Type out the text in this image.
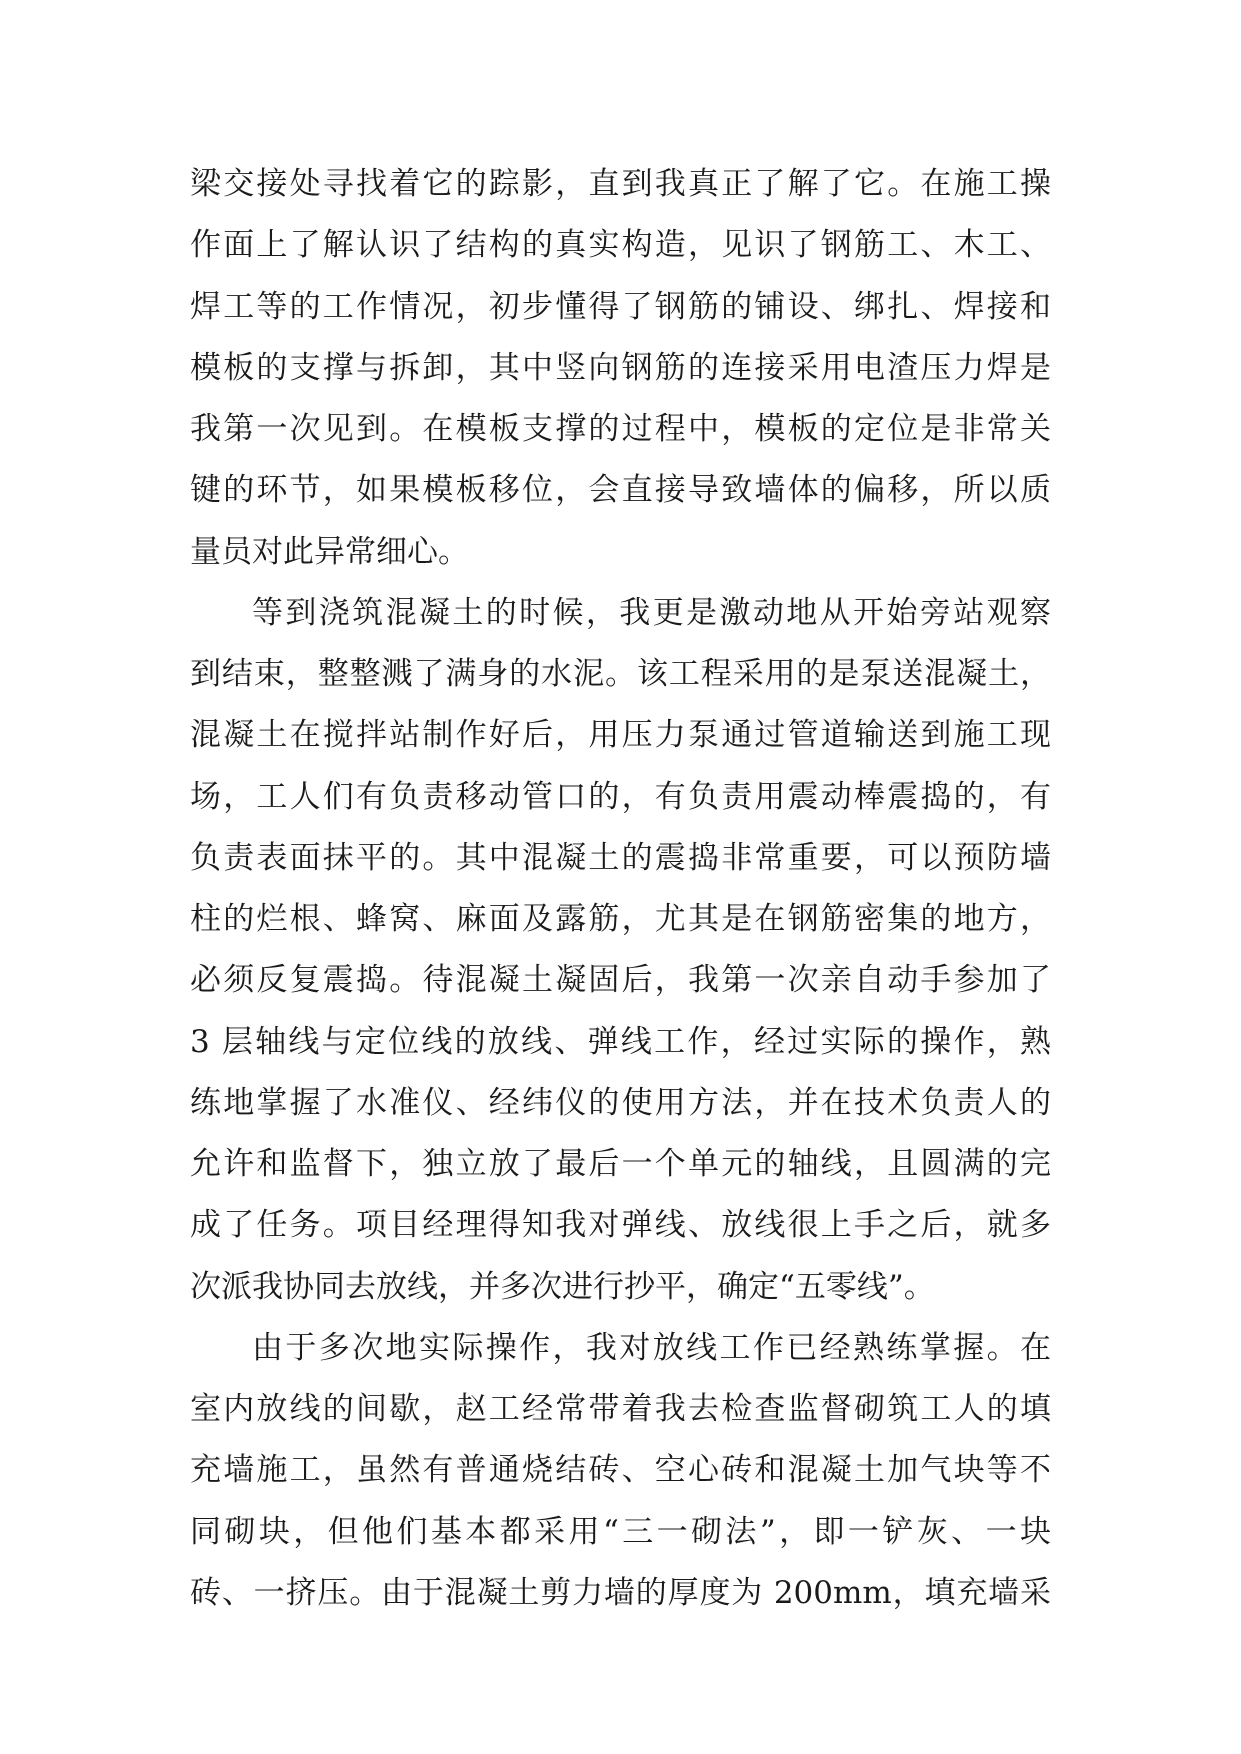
梁交接处寻找着它的踪影，直到我真正了解了它。在施工操
作面上了解认识了结构的真实构造，见识了钢筋工、木工、
焊工等的工作情况，初步懂得了钢筋的铺设、绑扎、焊接和
模板的支撑与拆卸，其中竖向钢筋的连接采用电渣压力焊是
我第一次见到。在模板支撑的过程中，模板的定位是非常关
键的环节，如果模板移位，会直接导致墙体的偏移，所以质
量员对此异常细心。
等到浇筑混凝土的时候，我更是激动地从开始旁站观察
到结束，整整溅了满身的水泥。该工程采用的是泵送混凝土，
混凝土在搅拌站制作好后，用压力泵通过管道输送到施工现
场，工人们有负责移动管口的，有负责用震动棒震捣的，有
负责表面抹平的。其中混凝土的震捣非常重要，可以预防墙
柱的烂根、蜂窝、麻面及露筋，尤其是在钢筋密集的地方，
必须反复震捣。待混凝土凝固后，我第一次亲自动手参加了
3 层轴线与定位线的放线、弹线工作，经过实际的操作，熟
练地掌握了水准仪、经纬仪的使用方法，并在技术负责人的
允许和监督下，独立放了最后一个单元的轴线，且圆满的完
成了任务。项目经理得知我对弹线、放线很上手之后，就多
次派我协同去放线，并多次进行抄平，确定“五零线”。
由于多次地实际操作，我对放线工作已经熟练掌握。在
室内放线的间歇，赵工经常带着我去检查监督砌筑工人的填
充墙施工，虽然有普通烧结砖、空心砖和混凝土加气块等不
同砌块，但他们基本都采用“三一砌法”，即一铲灰、一块
砖、一挤压。由于混凝土剪力墙的厚度为 200mm，填充墙采
